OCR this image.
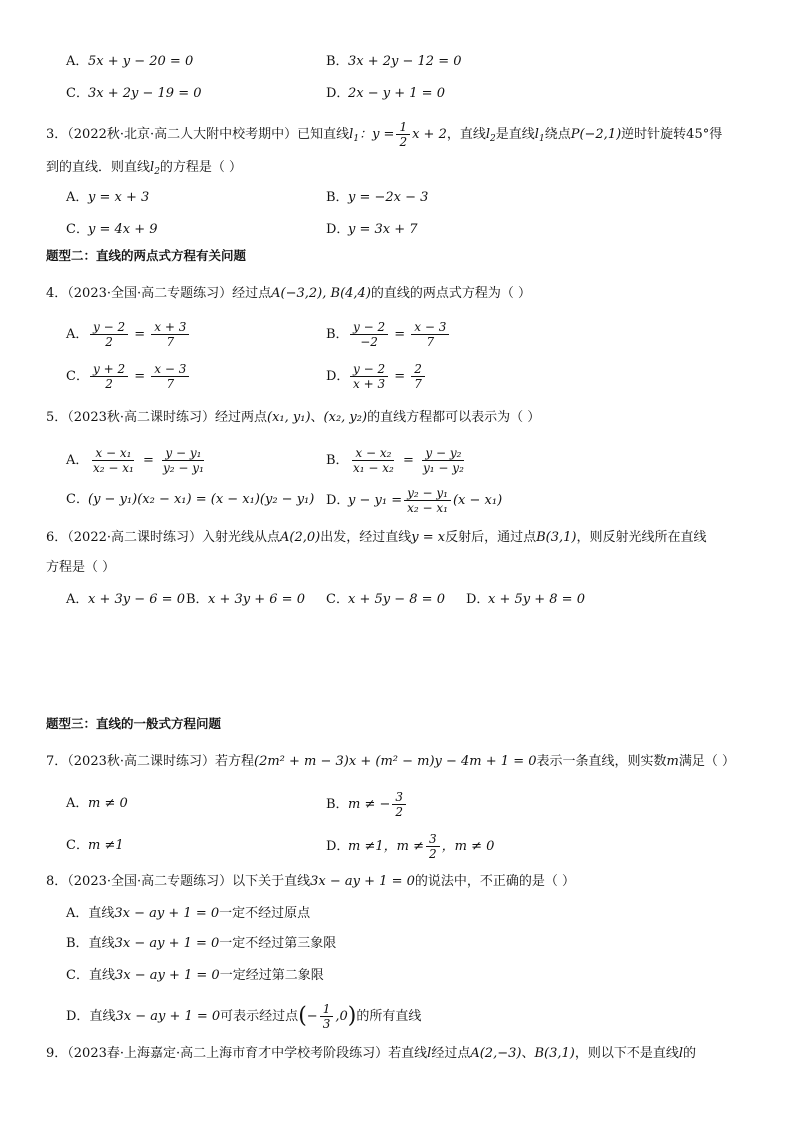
A．5x + y − 20 = 0	B．3x + 2y − 12 = 0
C．3x + 2y − 19 = 0	D．2x − y + 1 = 0
3．（2022秋·北京·高二人大附中校考期中）已知直线$l_1$：$y = \frac{1}{2}$ x + 2，直线$l_2$是直线$l_1$绕点P(−2,1)逆时针旋转45°得
到的直线．则直线$l_2$的方程是（ ）
A．y = x + 3	B．y = −2x − 3
C．y = 4x + 9	D．y = 3x + 7
题型二：直线的两点式方程有关问题
4．（2023·全国·高二专题练习）经过点A(−3,2), B(4,4)的直线的两点式方程为（ ）
A． $\frac{y - 2}{2} = \frac{x + 3}{7}$	B． $\frac{y - 2}{-2} = \frac{x - 3}{7}$
C． $\frac{y + 2}{2} = \frac{x - 3}{7}$	D． $\frac{y - 2}{x + 3} = \frac{2}{7}$
5．（2023秋·高二课时练习）经过两点(x₁, y₁)、(x₂, y₂)的直线方程都可以表示为（ ）
A． $\frac{\text{x − x₁}}{\text{x₂ − x₁}} = \frac{\text{y − y₁}}{\text{y₂ − y₁}}$	B． $\frac{\text{x − x₂}}{\text{x₁ − x₂}} = \frac{\text{y − y₂}}{\text{y₁ − y₂}}$
C．(y − y₁)(x₂ − x₁) = (x − x₁)(y₂ − y₁) D．$y - y_1 = \frac{\text{y₂ − y₁}}{\text{x₂ − x₁}} (x - x_1)$
6．（2022·高二课时练习）入射光线从点A(2,0)出发，经过直线y = x反射后，通过点B(3,1)，则反射光线所在直线
方程是（ ）
A．x + 3y − 6 = 0 B．x + 3y + 6 = 0 C．x + 5y − 8 = 0 D．x + 5y + 8 = 0
题型三：直线的一般式方程问题
7．（2023秋·高二课时练习）若方程(2m² + m − 3)x + (m² − m)y − 4m + 1 = 0表示一条直线，则实数m满足（ ）
A．m ≠ 0	B．m ≠ − $\frac{3}{2}$
C．m ≠1	D．m ≠1，$m \ne \frac{3}{2}$ ，m ≠ 0
8．（2023·全国·高二专题练习）以下关于直线3x − ay + 1 = 0的说法中，不正确的是（ ）
A．直线3x − ay + 1 = 0一定不经过原点
B．直线3x − ay + 1 = 0一定不经过第三象限
C．直线3x − ay + 1 = 0一定经过第二象限
D．直线3x − ay + 1 = 0可表示经过点(− $\frac{1}{3} ,0$)的所有直线
9．（2023春·上海嘉定·高二上海市育才中学校考阶段练习）若直线l经过点A(2,−3)、B(3,1)，则以下不是直线l的
